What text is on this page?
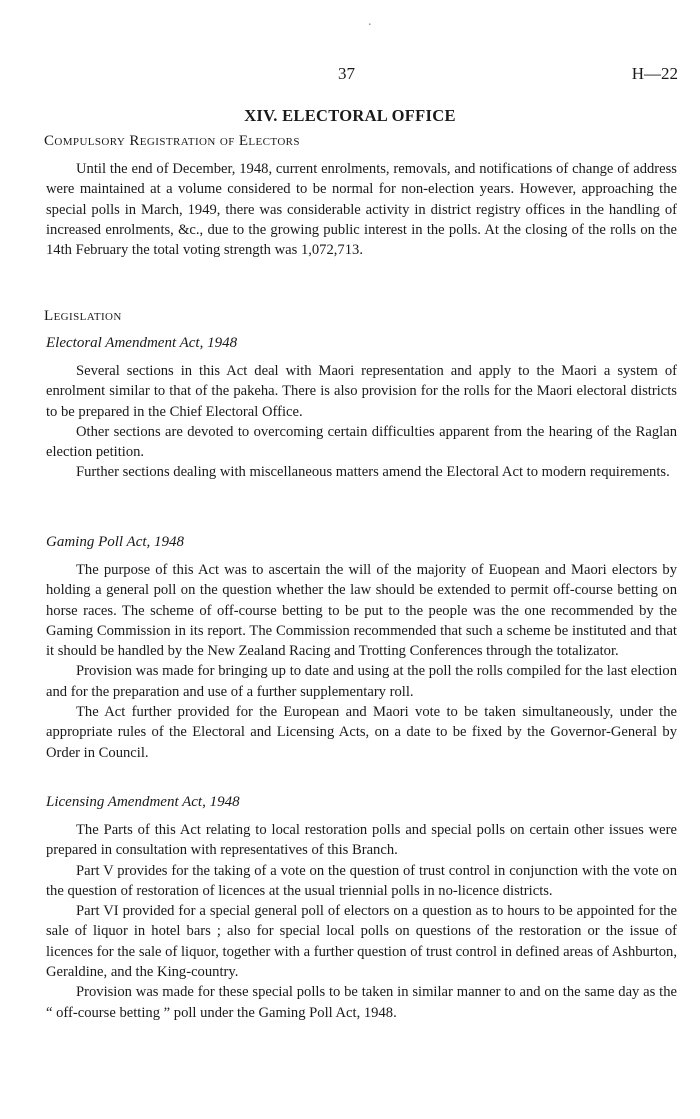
.
37	H—22
XIV. ELECTORAL OFFICE
Compulsory Registration of Electors

Until the end of December, 1948, current enrolments, removals, and notifications of change of address were maintained at a volume considered to be normal for non-election years. However, approaching the special polls in March, 1949, there was considerable activity in district registry offices in the handling of increased enrolments, &c., due to the growing public interest in the polls. At the closing of the rolls on the 14th February the total voting strength was 1,072,713.

Legislation
Electoral Amendment Act, 1948

Several sections in this Act deal with Maori representation and apply to the Maori a system of enrolment similar to that of the pakeha. There is also provision for the rolls for the Maori electoral districts to be prepared in the Chief Electoral Office.

Other sections are devoted to overcoming certain difficulties apparent from the hearing of the Raglan election petition.

Further sections dealing with miscellaneous matters amend the Electoral Act to modern requirements.

Gaming Poll Act, 1948

The purpose of this Act was to ascertain the will of the majority of Euopean and Maori electors by holding a general poll on the question whether the law should be extended to permit off-course betting on horse races. The scheme of off-course betting to be put to the people was the one recommended by the Gaming Commission in its report. The Commission recommended that such a scheme be instituted and that it should be handled by the New Zealand Racing and Trotting Conferences through the totalizator.

Provision was made for bringing up to date and using at the poll the rolls compiled for the last election and for the preparation and use of a further supplementary roll.

The Act further provided for the European and Maori vote to be taken simultaneously, under the appropriate rules of the Electoral and Licensing Acts, on a date to be fixed by the Governor-General by Order in Council.

Licensing Amendment Act, 1948

The Parts of this Act relating to local restoration polls and special polls on certain other issues were prepared in consultation with representatives of this Branch.

Part V provides for the taking of a vote on the question of trust control in conjunction with the vote on the question of restoration of licences at the usual triennial polls in no-licence districts.

Part VI provided for a special general poll of electors on a question as to hours to be appointed for the sale of liquor in hotel bars ; also for special local polls on questions of the restoration or the issue of licences for the sale of liquor, together with a further question of trust control in defined areas of Ashburton, Geraldine, and the King-country.

Provision was made for these special polls to be taken in similar manner to and on the same day as the “ off-course betting ” poll under the Gaming Poll Act, 1948.
